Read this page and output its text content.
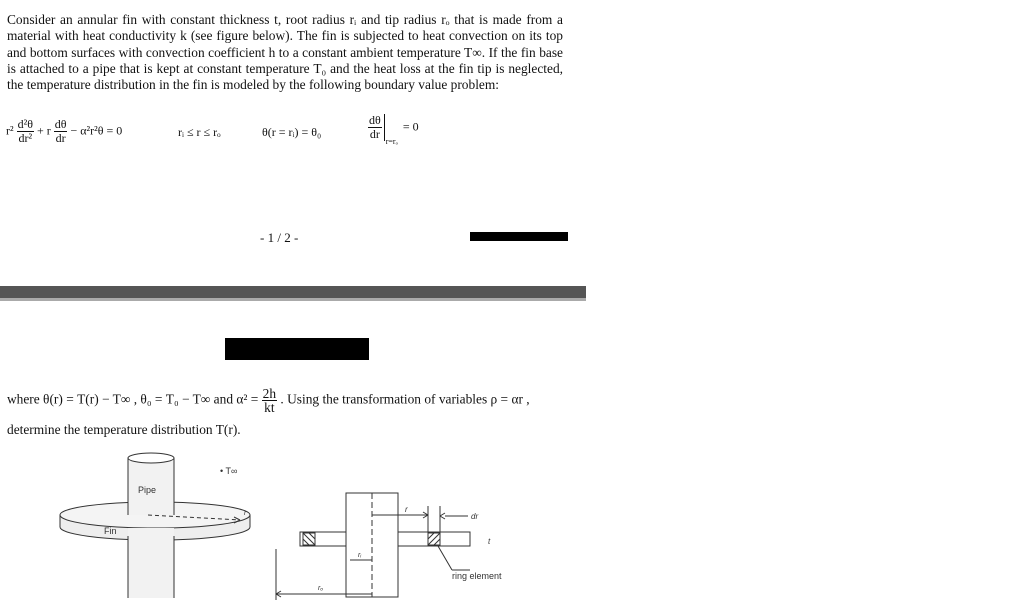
Consider an annular fin with constant thickness t, root radius rᵢ and tip radius rₒ that is made from a material with heat conductivity k (see figure below). The fin is subjected to heat convection on its top and bottom surfaces with convection coefficient h to a constant ambient temperature T∞. If the fin base is attached to a pipe that is kept at constant temperature T₀ and the heat loss at the fin tip is neglected, the temperature distribution in the fin is modeled by the following boundary value problem:
$r^2 \frac{\text{d²θ}}{\text{dr²}} + r \frac{d\theta}{dr} - \alpha^2r^2\theta = 0$	rᵢ ≤ r ≤ rₒ	θ(r = rᵢ) = θ₀	$\frac{d\theta}{dr}$
$_{r=r_o}$ = 0
- 1 / 2 -
where θ(r) = T(r) − T∞ , θ₀ = T₀ − T∞ and $\alpha^2 = \frac{2h}{kt}$ . Using the transformation of variables ρ = αr ,
determine the temperature distribution T(r).
• T∞
Pipe
Fin
r	r
dr
t
rᵢ
rₒ
ring element
